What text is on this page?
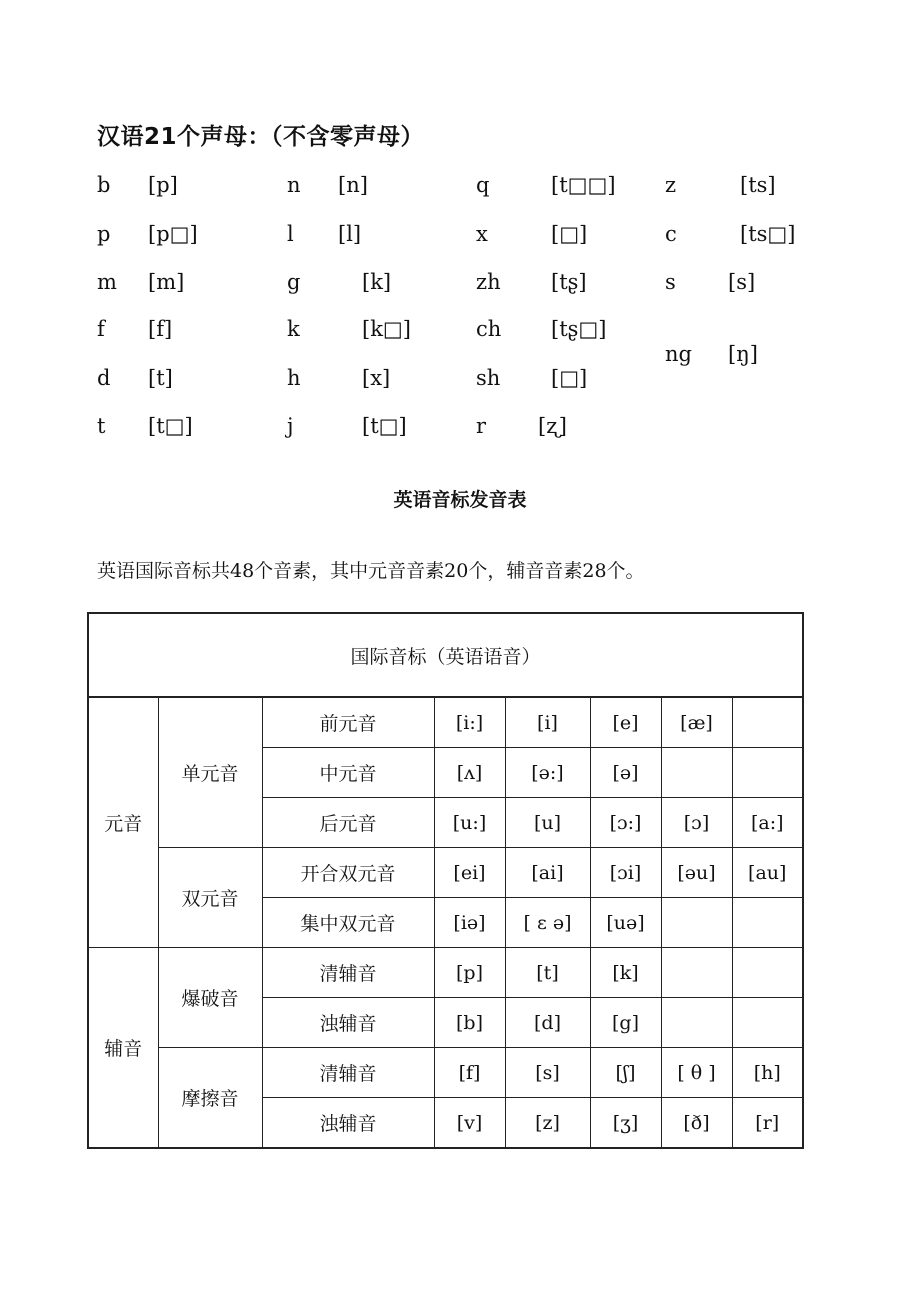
汉语21个声母：（不含零声母）
b [p]
p [p□]
m [m]
f [f]
d [t]
t [t□]
n [n]
l [l]
g	[k]
k	[k□]
h	[x]
j	[t□]
q	[t□□]
x	[□]
zh [tʂ]
ch [tʂ□]
sh [□]
r [ʐ]
z	[ts]
c	[ts□]
s [s]
ng [ŋ]
英语音标发音表
英语国际音标共48个音素，其中元音音素20个，辅音音素28个。
国际音标（英语语音）							
元音	单元音	前元音	[i:]	[i]	[e]	[æ]	
		中元音	[ʌ]	[ə:]	[ə]		
		后元音	[u:]	[u]	[ɔ:]	[ɔ]	[a:]
	双元音	开合双元音	[ei]	[ai]	[ɔi]	[əu]	[au]
		集中双元音	[iə]	[ ε ə]	[uə]		
辅音	爆破音	清辅音	[p]	[t]	[k]		
		浊辅音	[b]	[d]	[g]		
	摩擦音	清辅音	[f]	[s]	[ʃ]	[ θ ]	[h]
		浊辅音	[v]	[z]	[ʒ]	[ð]	[r]
